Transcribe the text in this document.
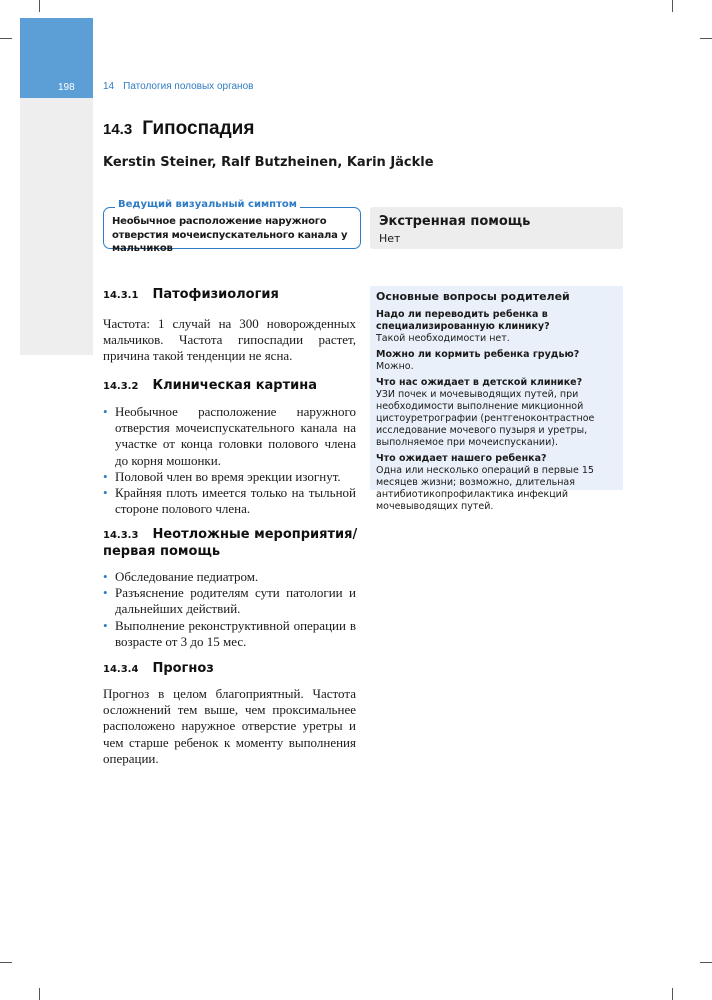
198	14 Патология половых органов
14.3 Гипоспадия
Kerstin Steiner, Ralf Butzheinen, Karin Jäckle
Ведущий визуальный симптом
Необычное расположение наружного отверстия мочеиспускательного канала у мальчиков
Экстренная помощь
Нет
14.3.1 Патофизиология
Частота: 1 случай на 300 новорожденных мальчиков. Частота гипоспадии растет, причина такой тенденции не ясна.
14.3.2 Клиническая картина
• Необычное расположение наружного отверстия мочеиспускательного канала на участке от конца головки полового члена до корня мошонки.
• Половой член во время эрекции изогнут.
• Крайняя плоть имеется только на тыльной стороне полового члена.
14.3.3 Неотложные мероприятия/
первая помощь
• Обследование педиатром.
• Разъяснение родителям сути патологии и дальнейших действий.
• Выполнение реконструктивной операции в возрасте от 3 до 15 мес.
14.3.4 Прогноз
Прогноз в целом благоприятный. Частота осложнений тем выше, чем проксимальнее расположено наружное отверстие уретры и чем старше ребенок к моменту выполнения операции.
Основные вопросы родителей
Надо ли переводить ребенка в специализированную клинику?
Такой необходимости нет.
Можно ли кормить ребенка грудью?
Можно.
Что нас ожидает в детской клинике?
УЗИ почек и мочевыводящих путей, при необходимости выполнение микционной цистоуретрографии (рентгеноконтрастное исследование мочевого пузыря и уретры, выполняемое при мочеиспускании).
Что ожидает нашего ребенка?
Одна или несколько операций в первые 15 месяцев жизни; возможно, длительная антибиотикопрофилактика инфекций мочевыводящих путей.
